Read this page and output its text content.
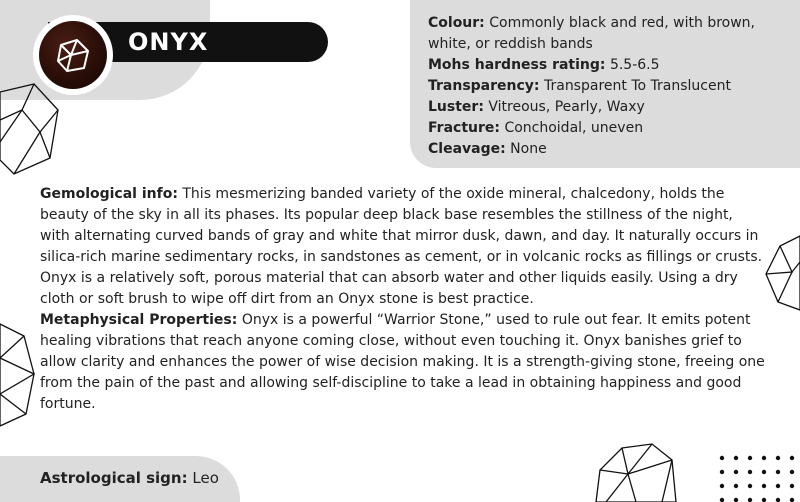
ONYX
Colour: Commonly black and red, with brown, white, or reddish bands
Mohs hardness rating: 5.5-6.5
Transparency: Transparent To Translucent
Luster: Vitreous, Pearly, Waxy
Fracture: Conchoidal, uneven
Cleavage: None

Gemological info: This mesmerizing banded variety of the oxide mineral, chalcedony, holds the beauty of the sky in all its phases. Its popular deep black base resembles the stillness of the night, with alternating curved bands of gray and white that mirror dusk, dawn, and day. It naturally occurs in silica-rich marine sedimentary rocks, in sandstones as cement, or in volcanic rocks as fillings or crusts. Onyx is a relatively soft, porous material that can absorb water and other liquids easily. Using a dry cloth or soft brush to wipe off dirt from an Onyx stone is best practice.

Metaphysical Properties: Onyx is a powerful “Warrior Stone,” used to rule out fear. It emits potent healing vibrations that reach anyone coming close, without even touching it. Onyx banishes grief to allow clarity and enhances the power of wise decision making. It is a strength-giving stone, freeing one from the pain of the past and allowing self-discipline to take a lead in obtaining happiness and good fortune.

Astrological sign: Leo
